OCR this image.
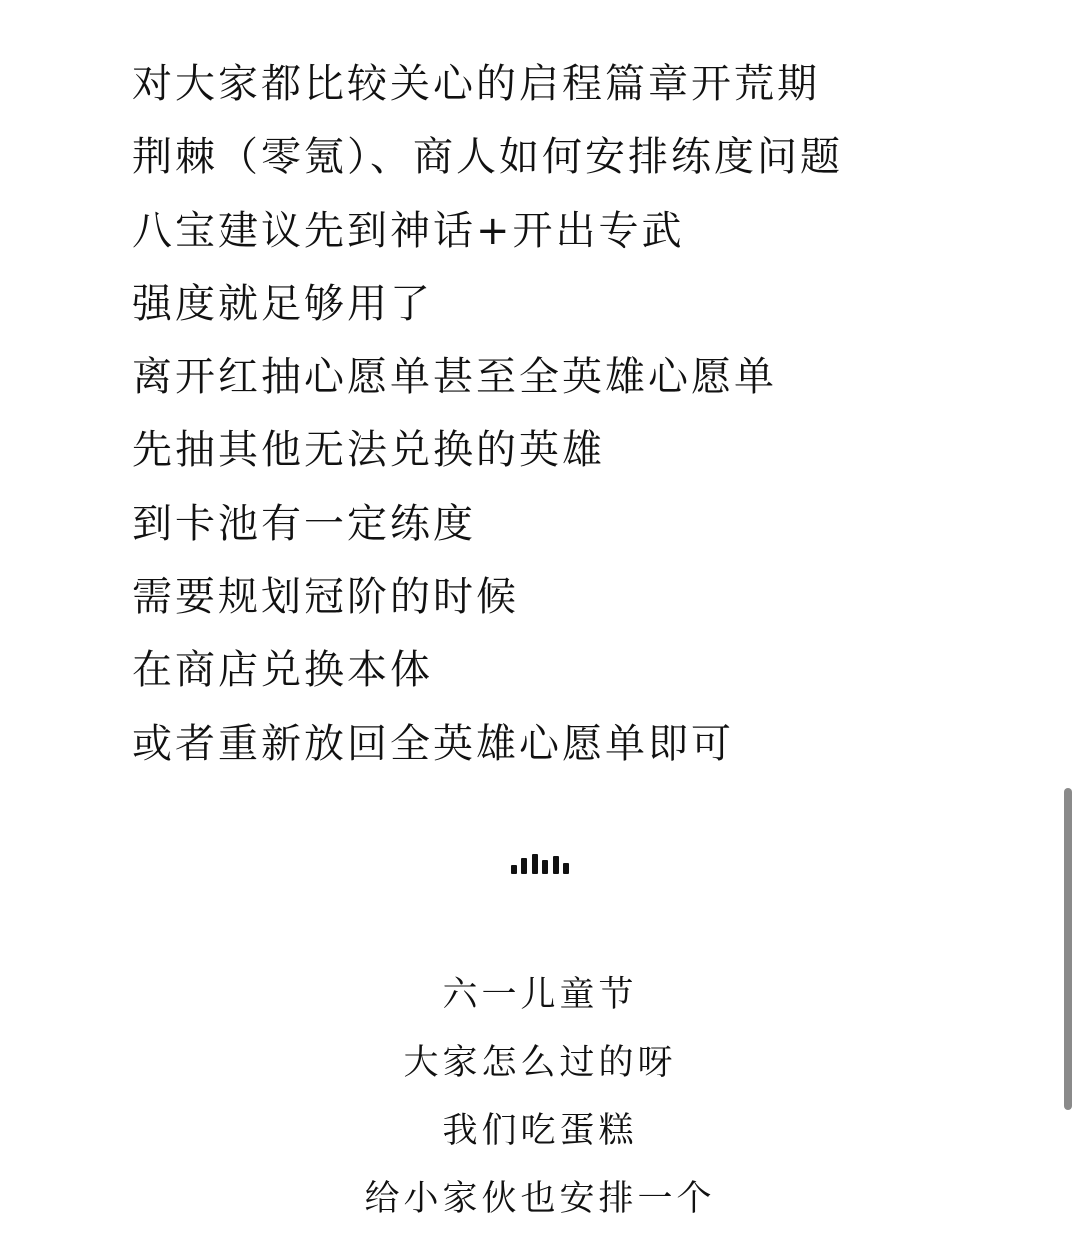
对大家都比较关心的启程篇章开荒期
荆棘（零氪）、商人如何安排练度问题
八宝建议先到神话+开出专武
强度就足够用了
离开红抽心愿单甚至全英雄心愿单
先抽其他无法兑换的英雄
到卡池有一定练度
需要规划冠阶的时候
在商店兑换本体
或者重新放回全英雄心愿单即可
六一儿童节
大家怎么过的呀
我们吃蛋糕
给小家伙也安排一个
